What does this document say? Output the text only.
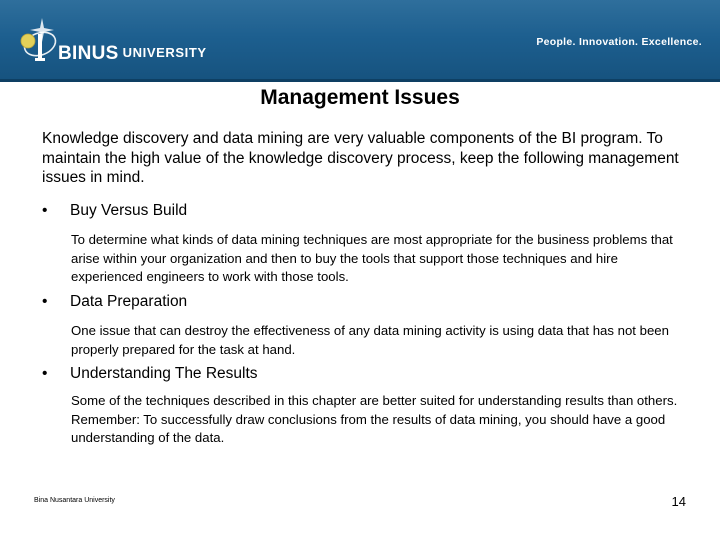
BINUS UNIVERSITY
People. Innovation. Excellence.
Management Issues
Knowledge discovery and data mining are very valuable components of the BI program. To maintain the high value of the knowledge discovery process, keep the following management issues in mind.
• Buy Versus Build
To determine what kinds of data mining techniques are most appropriate for the business problems that arise within your organization and then to buy the tools that support those techniques and hire experienced engineers to work with those tools.
• Data Preparation
One issue that can destroy the effectiveness of any data mining activity is using data that has not been properly prepared for the task at hand.
• Understanding The Results
Some of the techniques described in this chapter are better suited for understanding results than others. Remember: To successfully draw conclusions from the results of data mining, you should have a good understanding of the data.
Bina Nusantara University	14
